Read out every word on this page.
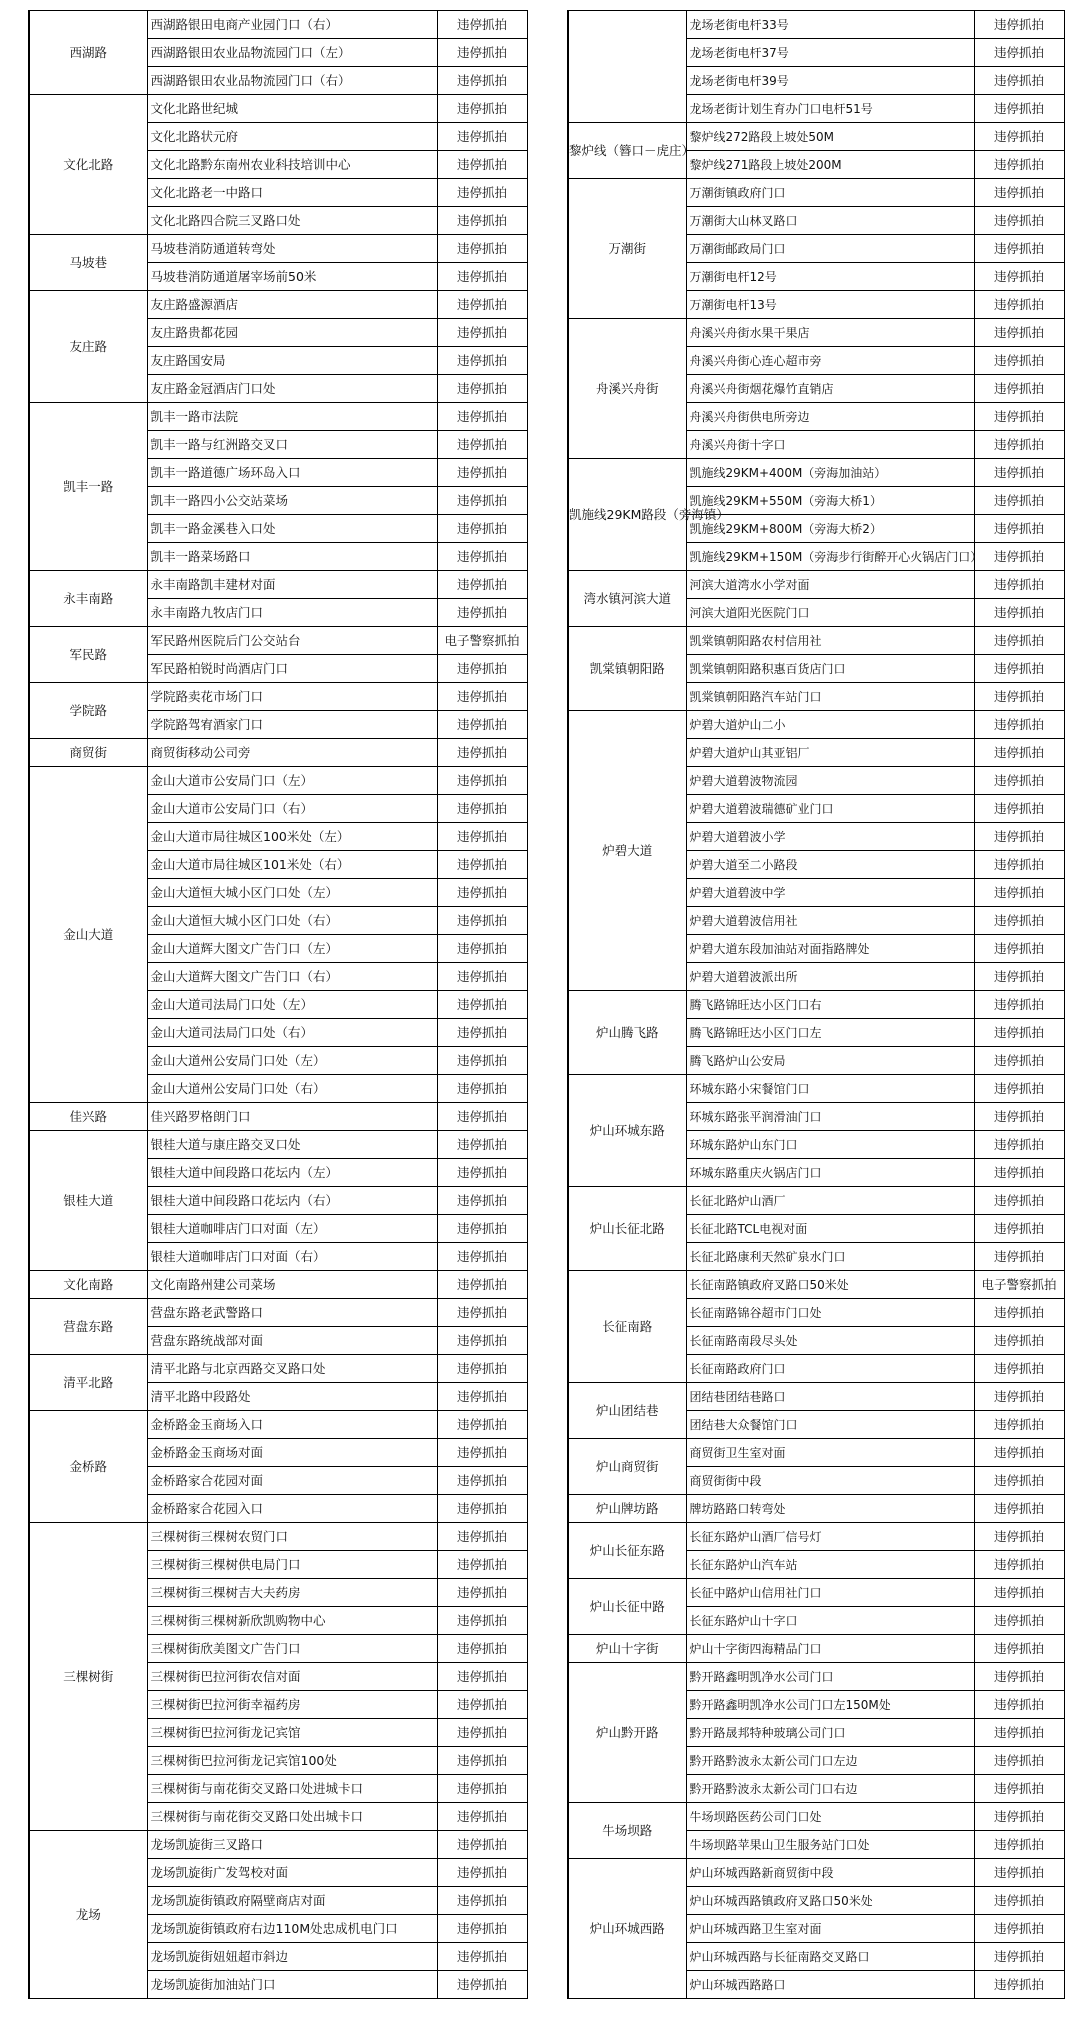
西湖路	西湖路银田电商产业园门口（右）	违停抓拍
	西湖路银田农业品物流园门口（左）	违停抓拍
	西湖路银田农业品物流园门口（右）	违停抓拍
文化北路	文化北路世纪城	违停抓拍
	文化北路状元府	违停抓拍
	文化北路黔东南州农业科技培训中心	违停抓拍
	文化北路老一中路口	违停抓拍
	文化北路四合院三叉路口处	违停抓拍
马坡巷	马坡巷消防通道转弯处	违停抓拍
	马坡巷消防通道屠宰场前50米	违停抓拍
友庄路	友庄路盛源酒店	违停抓拍
	友庄路贵都花园	违停抓拍
	友庄路国安局	违停抓拍
	友庄路金冠酒店门口处	违停抓拍
凯丰一路	凯丰一路市法院	违停抓拍
	凯丰一路与红洲路交叉口	违停抓拍
	凯丰一路道德广场环岛入口	违停抓拍
	凯丰一路四小公交站菜场	违停抓拍
	凯丰一路金溪巷入口处	违停抓拍
	凯丰一路菜场路口	违停抓拍
永丰南路	永丰南路凯丰建材对面	违停抓拍
	永丰南路九牧店门口	违停抓拍
军民路	军民路州医院后门公交站台	电子警察抓拍
	军民路柏锐时尚酒店门口	违停抓拍
学院路	学院路卖花市场门口	违停抓拍
	学院路驾宥酒家门口	违停抓拍
商贸街	商贸街移动公司旁	违停抓拍
金山大道	金山大道市公安局门口（左）	违停抓拍
	金山大道市公安局门口（右）	违停抓拍
	金山大道市局往城区100米处（左）	违停抓拍
	金山大道市局往城区101米处（右）	违停抓拍
	金山大道恒大城小区门口处（左）	违停抓拍
	金山大道恒大城小区门口处（右）	违停抓拍
	金山大道辉大图文广告门口（左）	违停抓拍
	金山大道辉大图文广告门口（右）	违停抓拍
	金山大道司法局门口处（左）	违停抓拍
	金山大道司法局门口处（右）	违停抓拍
	金山大道州公安局门口处（左）	违停抓拍
	金山大道州公安局门口处（右）	违停抓拍
佳兴路	佳兴路罗格朗门口	违停抓拍
银桂大道	银桂大道与康庄路交叉口处	违停抓拍
	银桂大道中间段路口花坛内（左）	违停抓拍
	银桂大道中间段路口花坛内（右）	违停抓拍
	银桂大道咖啡店门口对面（左）	违停抓拍
	银桂大道咖啡店门口对面（右）	违停抓拍
文化南路	文化南路州建公司菜场	违停抓拍
营盘东路	营盘东路老武警路口	违停抓拍
	营盘东路统战部对面	违停抓拍
清平北路	清平北路与北京西路交叉路口处	违停抓拍
	清平北路中段路处	违停抓拍
金桥路	金桥路金玉商场入口	违停抓拍
	金桥路金玉商场对面	违停抓拍
	金桥路家合花园对面	违停抓拍
	金桥路家合花园入口	违停抓拍
三棵树街	三棵树街三棵树农贸门口	违停抓拍
	三棵树街三棵树供电局门口	违停抓拍
	三棵树街三棵树吉大夫药房	违停抓拍
	三棵树街三棵树新欣凯购物中心	违停抓拍
	三棵树街欣美图文广告门口	违停抓拍
	三棵树街巴拉河街农信对面	违停抓拍
	三棵树街巴拉河街幸福药房	违停抓拍
	三棵树街巴拉河街龙记宾馆	违停抓拍
	三棵树街巴拉河街龙记宾馆100处	违停抓拍
	三棵树街与南花街交叉路口处进城卡口	违停抓拍
	三棵树街与南花街交叉路口处出城卡口	违停抓拍
龙场	龙场凯旋街三叉路口	违停抓拍
	龙场凯旋街广发驾校对面	违停抓拍
	龙场凯旋街镇政府隔壁商店对面	违停抓拍
	龙场凯旋街镇政府右边110M处忠成机电门口	违停抓拍
	龙场凯旋街妞妞超市斜边	违停抓拍
	龙场凯旋街加油站门口	违停抓拍
	龙场老街电杆33号	违停抓拍
	龙场老街电杆37号	违停抓拍
	龙场老街电杆39号	违停抓拍
	龙场老街计划生育办门口电杆51号	违停抓拍
黎炉线（簪口－虎庄）	黎炉线272路段上坡处50M	违停抓拍
	黎炉线271路段上坡处200M	违停抓拍
万潮街	万潮街镇政府门口	违停抓拍
	万潮街大山林叉路口	违停抓拍
	万潮街邮政局门口	违停抓拍
	万潮街电杆12号	违停抓拍
	万潮街电杆13号	违停抓拍
舟溪兴舟街	舟溪兴舟街水果干果店	违停抓拍
	舟溪兴舟街心连心超市旁	违停抓拍
	舟溪兴舟街烟花爆竹直销店	违停抓拍
	舟溪兴舟街供电所旁边	违停抓拍
	舟溪兴舟街十字口	违停抓拍
凯施线29KM路段（旁海镇）	凯施线29KM+400M（旁海加油站）	违停抓拍
	凯施线29KM+550M（旁海大桥1）	违停抓拍
	凯施线29KM+800M（旁海大桥2）	违停抓拍
	凯施线29KM+150M（旁海步行街醉开心火锅店门口）	违停抓拍
湾水镇河滨大道	河滨大道湾水小学对面	违停抓拍
	河滨大道阳光医院门口	违停抓拍
凯棠镇朝阳路	凯棠镇朝阳路农村信用社	违停抓拍
	凯棠镇朝阳路积惠百货店门口	违停抓拍
	凯棠镇朝阳路汽车站门口	违停抓拍
炉碧大道	炉碧大道炉山二小	违停抓拍
	炉碧大道炉山其亚铝厂	违停抓拍
	炉碧大道碧波物流园	违停抓拍
	炉碧大道碧波瑞德矿业门口	违停抓拍
	炉碧大道碧波小学	违停抓拍
	炉碧大道至二小路段	违停抓拍
	炉碧大道碧波中学	违停抓拍
	炉碧大道碧波信用社	违停抓拍
	炉碧大道东段加油站对面指路牌处	违停抓拍
	炉碧大道碧波派出所	违停抓拍
炉山腾飞路	腾飞路锦旺达小区门口右	违停抓拍
	腾飞路锦旺达小区门口左	违停抓拍
	腾飞路炉山公安局	违停抓拍
炉山环城东路	环城东路小宋餐馆门口	违停抓拍
	环城东路张平润滑油门口	违停抓拍
	环城东路炉山东门口	违停抓拍
	环城东路重庆火锅店门口	违停抓拍
炉山长征北路	长征北路炉山酒厂	违停抓拍
	长征北路TCL电视对面	违停抓拍
	长征北路康利天然矿泉水门口	违停抓拍
长征南路	长征南路镇政府叉路口50米处	电子警察抓拍
	长征南路锦谷超市门口处	违停抓拍
	长征南路南段尽头处	违停抓拍
	长征南路政府门口	违停抓拍
炉山团结巷	团结巷团结巷路口	违停抓拍
	团结巷大众餐馆门口	违停抓拍
炉山商贸街	商贸街卫生室对面	违停抓拍
	商贸街街中段	违停抓拍
炉山牌坊路	牌坊路路口转弯处	违停抓拍
炉山长征东路	长征东路炉山酒厂信号灯	违停抓拍
	长征东路炉山汽车站	违停抓拍
炉山长征中路	长征中路炉山信用社门口	违停抓拍
	长征东路炉山十字口	违停抓拍
炉山十字街	炉山十字街四海精品门口	违停抓拍
炉山黔开路	黔开路鑫明凯净水公司门口	违停抓拍
	黔开路鑫明凯净水公司门口左150M处	违停抓拍
	黔开路晟邦特种玻璃公司门口	违停抓拍
	黔开路黔波永太新公司门口左边	违停抓拍
	黔开路黔波永太新公司门口右边	违停抓拍
牛场坝路	牛场坝路医药公司门口处	违停抓拍
	牛场坝路苹果山卫生服务站门口处	违停抓拍
炉山环城西路	炉山环城西路新商贸街中段	违停抓拍
	炉山环城西路镇政府叉路口50米处	违停抓拍
	炉山环城西路卫生室对面	违停抓拍
	炉山环城西路与长征南路交叉路口	违停抓拍
	炉山环城西路路口	违停抓拍
